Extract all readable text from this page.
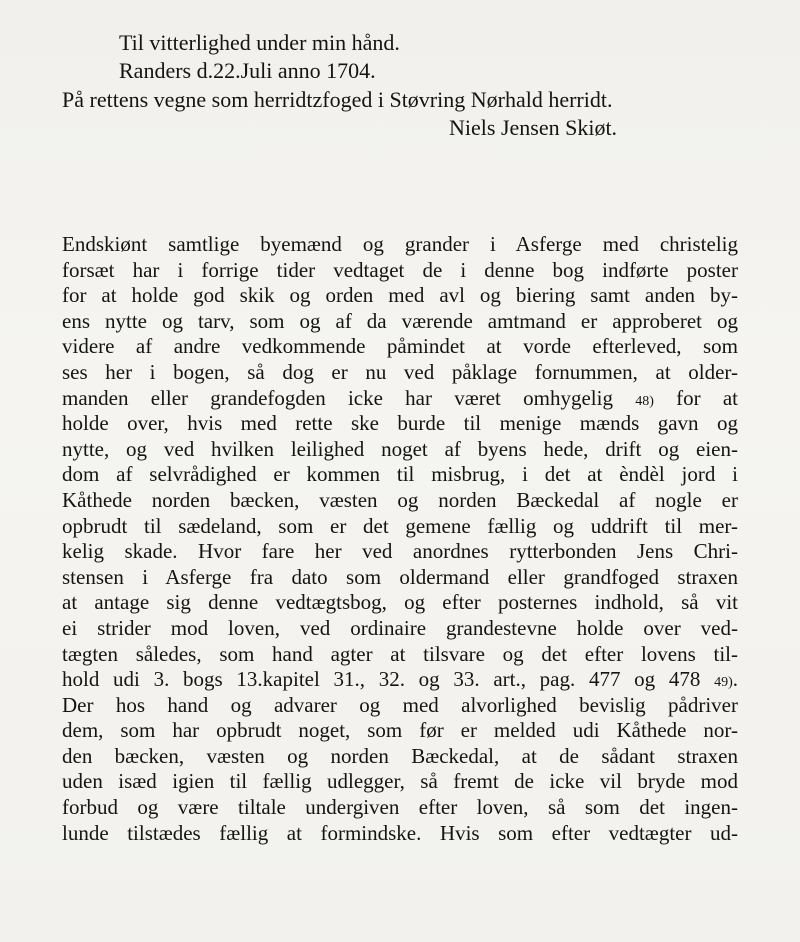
Til vitterlighed under min hånd.
Randers d.22.Juli anno 1704.
På rettens vegne som herridtzfoged i Støvring Nørhald herridt.
Niels Jensen Skiøt.
Endskiønt samtlige byemænd og grander i Asferge med christelig
forsæt har i forrige tider vedtaget de i denne bog indførte poster
for at holde god skik og orden med avl og biering samt anden by-
ens nytte og tarv, som og af da værende amtmand er approberet og
videre af andre vedkommende påmindet at vorde efterleved, som
ses her i bogen, så dog er nu ved påklage fornummen, at older-
manden eller grandefogden icke har været omhygelig 48) for at
holde over, hvis med rette ske burde til menige mænds gavn og
nytte, og ved hvilken leilighed noget af byens hede, drift og eien-
dom af selvrådighed er kommen til misbrug, i det at èndèl jord i
Kåthede norden bæcken, væsten og norden Bæckedal af nogle er
opbrudt til sædeland, som er det gemene fællig og uddrift til mer-
kelig skade. Hvor fare her ved anordnes rytterbonden Jens Chri-
stensen i Asferge fra dato som oldermand eller grandfoged straxen
at antage sig denne vedtægtsbog, og efter posternes indhold, så vit
ei strider mod loven, ved ordinaire grandestevne holde over ved-
tægten således, som hand agter at tilsvare og det efter lovens til-
hold udi 3. bogs 13.kapitel 31., 32. og 33. art., pag. 477 og 478 49).
Der hos hand og advarer og med alvorlighed bevislig pådriver
dem, som har opbrudt noget, som før er melded udi Kåthede nor-
den bæcken, væsten og norden Bæckedal, at de sådant straxen
uden isæd igien til fællig udlegger, så fremt de icke vil bryde mod
forbud og være tiltale undergiven efter loven, så som det ingen-
lunde tilstædes fællig at formindske. Hvis som efter vedtægter ud-
